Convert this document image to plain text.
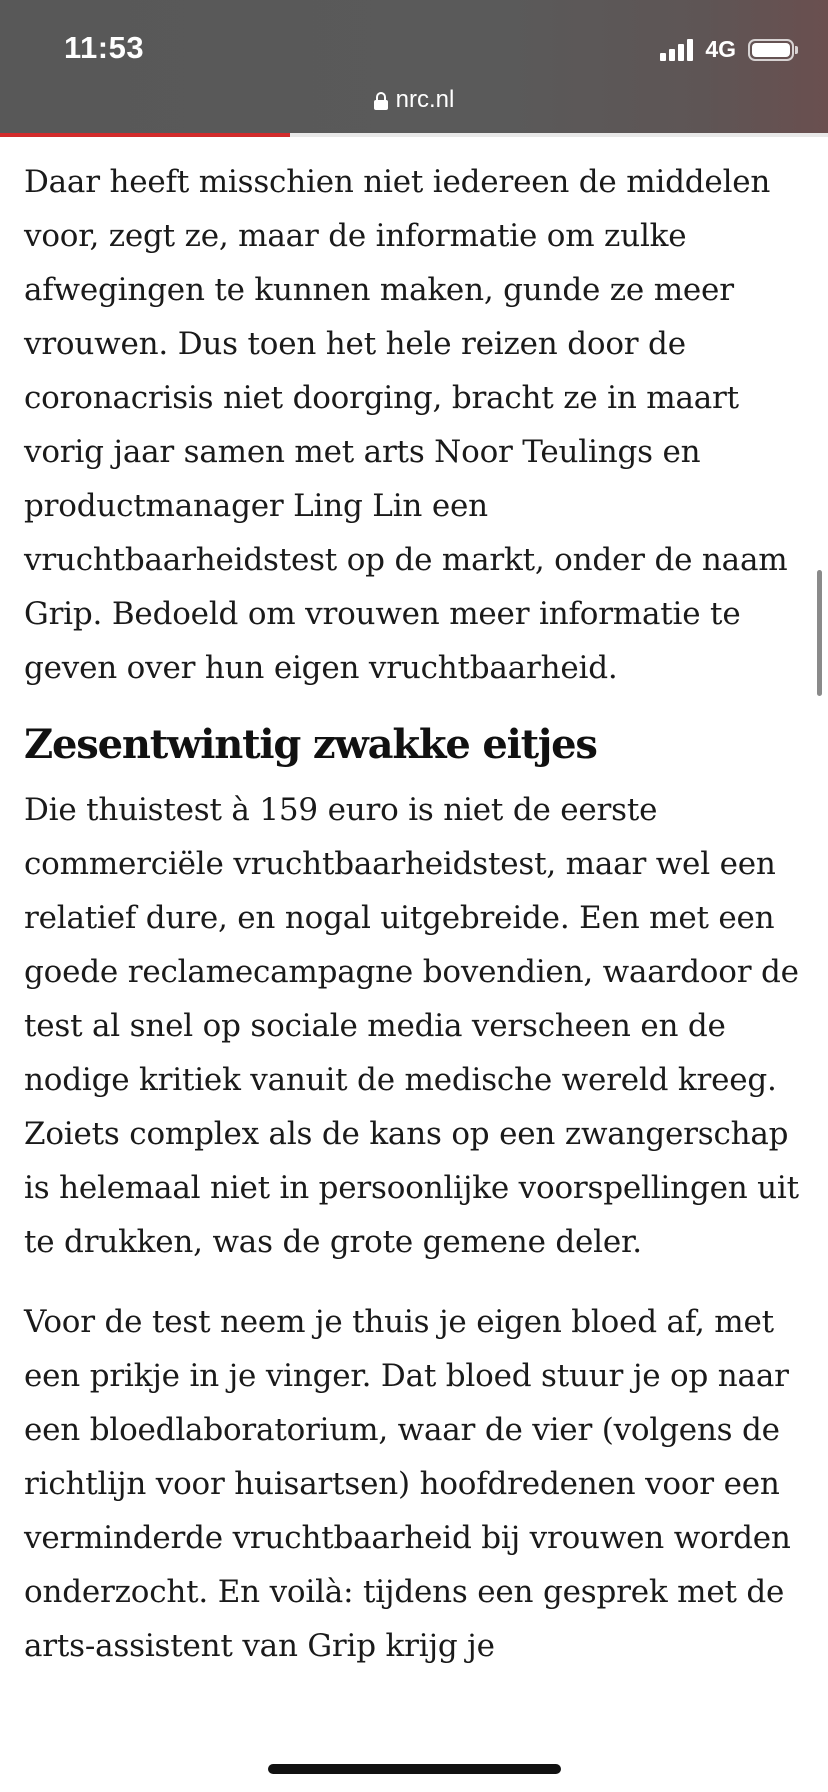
11:53	4G
nrc.nl

Daar heeft misschien niet iedereen de middelen voor, zegt ze, maar de informatie om zulke afwegingen te kunnen maken, gunde ze meer vrouwen. Dus toen het hele reizen door de coronacrisis niet doorging, bracht ze in maart vorig jaar samen met arts Noor Teulings en productmanager Ling Lin een vruchtbaarheidstest op de markt, onder de naam Grip. Bedoeld om vrouwen meer informatie te geven over hun eigen vruchtbaarheid.

Zesentwintig zwakke eitjes

Die thuistest à 159 euro is niet de eerste commerciële vruchtbaarheidstest, maar wel een relatief dure, en nogal uitgebreide. Een met een goede reclamecampagne bovendien, waardoor de test al snel op sociale media verscheen en de nodige kritiek vanuit de medische wereld kreeg. Zoiets complex als de kans op een zwangerschap is helemaal niet in persoonlijke voorspellingen uit te drukken, was de grote gemene deler.

Voor de test neem je thuis je eigen bloed af, met een prikje in je vinger. Dat bloed stuur je op naar een bloedlaboratorium, waar de vier (volgens de richtlijn voor huisartsen) hoofdredenen voor een verminderde vruchtbaarheid bij vrouwen worden onderzocht. En voilà: tijdens een gesprek met de arts-assistent van Grip krijg je
